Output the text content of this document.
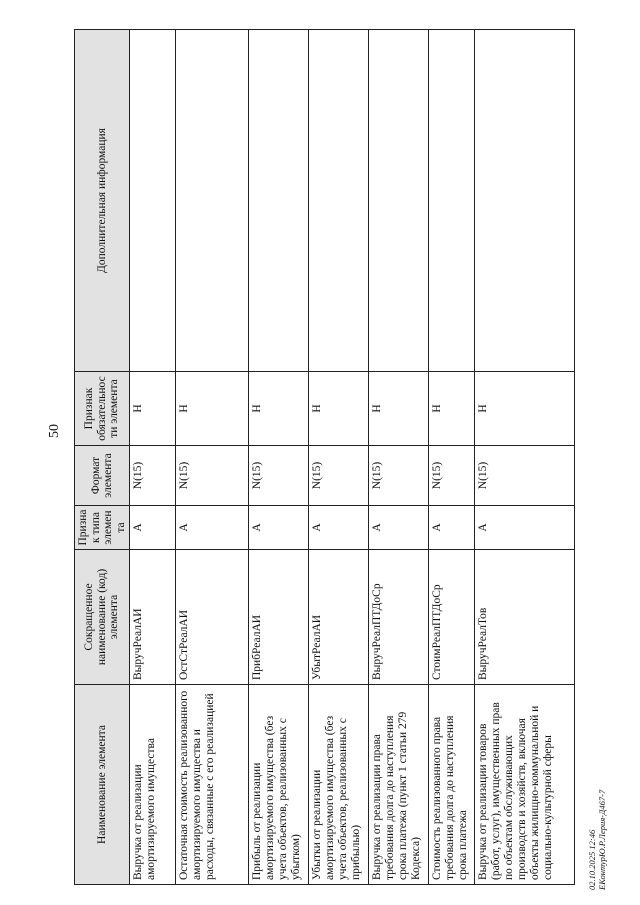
50
Наименование элемента	Сокращенное наименование (код) элемента	Признак типа элемента	Формат элемента	Признак обязательности элемента	Дополнительная информация
Выручка от реализации амортизируемого имущества	ВыручРеалАИ	А	N(15)	Н	
Остаточная стоимость реализованного амортизируемого имущества и расходы, связанные с его реализацией	ОстСтРеалАИ	А	N(15)	Н	
Прибыль от реализации амортизируемого имущества (без учета объектов, реализованных с убытком)	ПрибРеалАИ	А	N(15)	Н	
Убытки от реализации амортизируемого имущества (без учета объектов, реализованных с прибылью)	УбытРеалАИ	А	N(15)	Н	
Выручка от реализации права требования долга до наступления срока платежа (пункт 1 статьи 279 Кодекса)	ВыручРеалПТДоСр	А	N(15)	Н	
Стоимость реализованного права требования долга до наступления срока платежа	СтоимРеалПТДоСр	А	N(15)	Н	
Выручка от реализации товаров (работ, услуг), имущественных прав по объектам обслуживающих производств и хозяйств, включая объекты жилищно-коммунальной и социально-культурной сферы	ВыручРеалТов	А	N(15)	Н	
02.10.2025 12:46 ЕКонтурЮ.Р.Лерия-Д467-7
